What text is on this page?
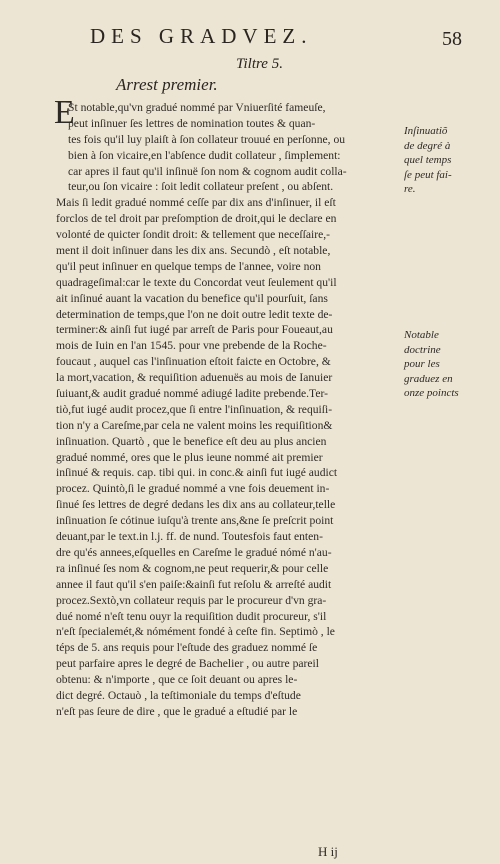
DES GRADVEZ.	58
Tiltre 5.
Arrest premier.
E
St notable,qu'vn gradué nommé par Vniuerſité fameuſe,
peut inſinuer ſes lettres de nomination toutes & quan-
tes fois qu'il luy plaiſt à ſon collateur trouué en perſonne, ou
bien à ſon vicaire,en l'abſence dudit collateur , ſimplement:
car apres il faut qu'il inſinuë ſon nom & cognom audit colla-
teur,ou ſon vicaire : ſoit ledit collateur preſent , ou abſent.
Mais ſi ledit gradué nommé ceſſe par dix ans d'inſinuer, il eſt
forclos de tel droit par preſomption de droit,qui le declare en
volonté de quicter ſondit droit: & tellement que neceſſaire,-
ment il doit inſinuer dans les dix ans. Secundò , eſt notable,
qu'il peut inſinuer en quelque temps de l'annee, voire non
quadrageſimal:car le texte du Concordat veut ſeulement qu'il
ait inſinué auant la vacation du benefice qu'il pourſuit, ſans
determination de temps,que l'on ne doit outre ledit texte de-
terminer:& ainſi fut iugé par arreſt de Paris pour Foueaut,au
mois de Iuin en l'an 1545. pour vne prebende de la Roche-
foucaut , auquel cas l'inſinuation eſtoit faicte en Octobre, &
la mort,vacation, & requiſition aduenuës au mois de Ianuier
ſuiuant,& audit gradué nommé adiugé ladite prebende.Ter-
tiò,fut iugé audit procez,que ſi entre l'inſinuation, & requiſi-
tion n'y a Careſme,par cela ne valent moins les requiſition&
inſinuation. Quartò , que le benefice eſt deu au plus ancien
gradué nommé, ores que le plus ieune nommé ait premier
inſinué & requis. cap. tibi qui. in conc.& ainſi fut iugé audict
procez. Quintò,ſi le gradué nommé a vne fois deuement in-
ſinué ſes lettres de degré dedans les dix ans au collateur,telle
inſinuation ſe cótinue iuſqu'à trente ans,&ne ſe preſcrit point
deuant,par le text.in l.j. ff. de nund. Toutesfois faut enten-
dre qu'és annees,eſquelles en Careſme le gradué nómé n'au-
ra inſinué ſes nom & cognom,ne peut requerir,& pour celle
annee il faut qu'il s'en paiſe:&ainſi fut reſolu & arreſté audit
procez.Sextò,vn collateur requis par le procureur d'vn gra-
dué nomé n'eſt tenu ouyr la requiſition dudit procureur, s'il
n'eſt ſpecialemét,& nómément fondé à ceſte fin. Septimò , le
téps de 5. ans requis pour l'eſtude des graduez nommé ſe
peut parfaire apres le degré de Bachelier , ou autre pareil
obtenu: & n'importe , que ce ſoit deuant ou apres le-
dict degré. Octauò , la teſtimoniale du temps d'eſtude
n'eſt pas ſeure de dire , que le gradué a eſtudié par le
Inſinuatiõ
de degré à
quel temps
ſe peut fai-
re.
Notable
doctrine
pour les
graduez en
onze poincts
H ij
